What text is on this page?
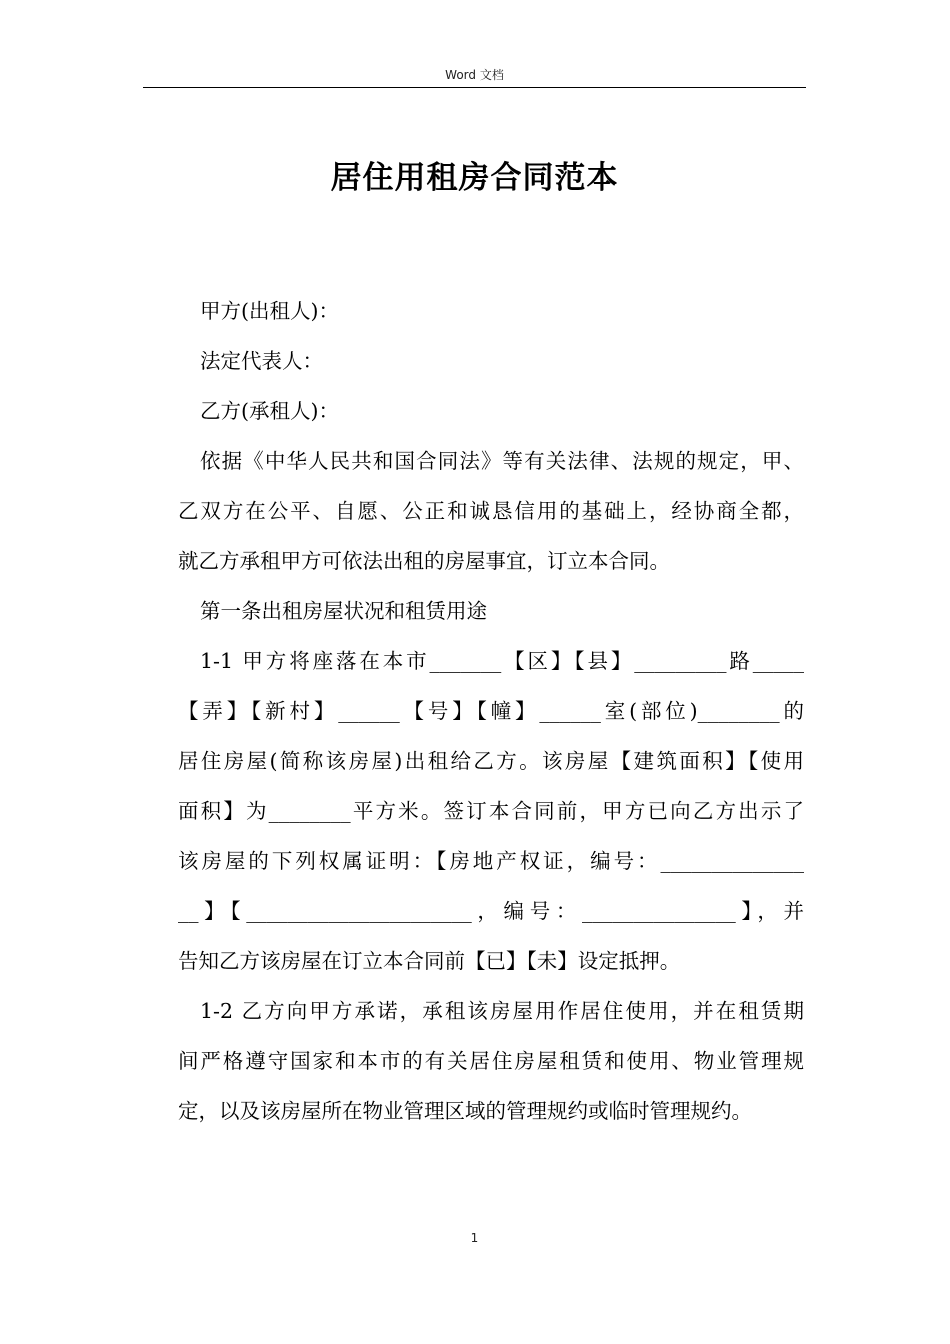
Word 文档
居住用租房合同范本
甲方(出租人)：
法定代表人：
乙方(承租人)：
依据《中华人民共和国合同法》等有关法律、法规的规定，甲、
乙双方在公平、自愿、公正和诚恳信用的基础上，经协商全都，
就乙方承租甲方可依法出租的房屋事宜，订立本合同。
第一条出租房屋状况和租赁用途
1-1 甲方将座落在本市_______【区】【县】_________路_____
【弄】【新村】______【号】【幢】______室(部位)________的
居住房屋(简称该房屋)出租给乙方。该房屋【建筑面积】【使用
面积】为________平方米。签订本合同前，甲方已向乙方出示了
该房屋的下列权属证明：【房地产权证，编号：______________
__】【______________________，编号：_______________】，并
告知乙方该房屋在订立本合同前【已】【未】设定抵押。
1-2 乙方向甲方承诺，承租该房屋用作居住使用，并在租赁期
间严格遵守国家和本市的有关居住房屋租赁和使用、物业管理规
定，以及该房屋所在物业管理区域的管理规约或临时管理规约。
1
